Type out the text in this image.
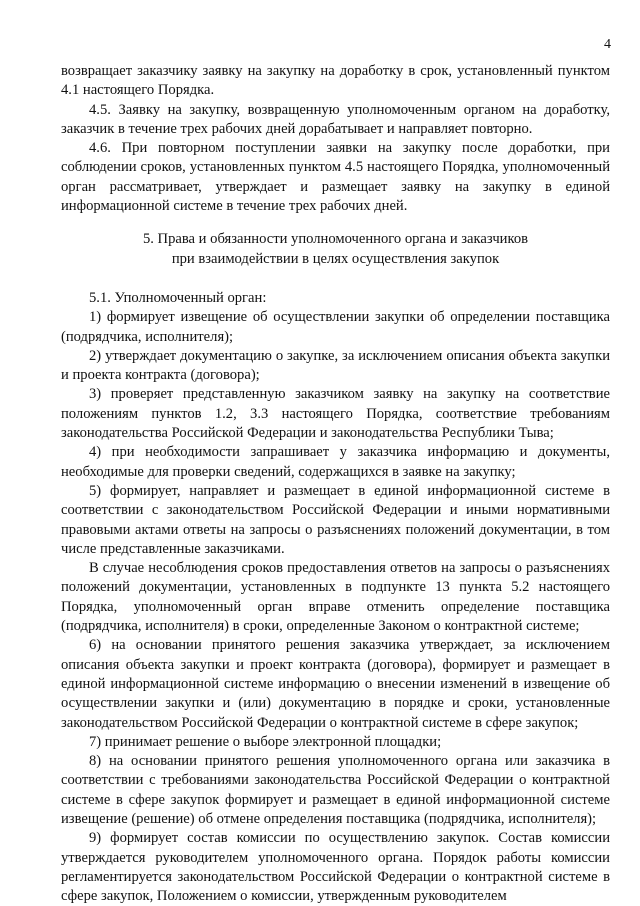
4

возвращает заказчику заявку на закупку на доработку в срок, установленный пунктом 4.1 настоящего Порядка.

4.5. Заявку на закупку, возвращенную уполномоченным органом на доработку, заказчик в течение трех рабочих дней дорабатывает и направляет повторно.

4.6. При повторном поступлении заявки на закупку после доработки, при соблюдении сроков, установленных пунктом 4.5 настоящего Порядка, уполномоченный орган рассматривает, утверждает и размещает заявку на закупку в единой информационной системе в течение трех рабочих дней.

5. Права и обязанности уполномоченного органа и заказчиков
при взаимодействии в целях осуществления закупок

5.1. Уполномоченный орган:

1) формирует извещение об осуществлении закупки об определении поставщика (подрядчика, исполнителя);

2) утверждает документацию о закупке, за исключением описания объекта закупки и проекта контракта (договора);

3) проверяет представленную заказчиком заявку на закупку на соответствие положениям пунктов 1.2, 3.3 настоящего Порядка, соответствие требованиям законодательства Российской Федерации и законодательства Республики Тыва;

4) при необходимости запрашивает у заказчика информацию и документы, необходимые для проверки сведений, содержащихся в заявке на закупку;

5) формирует, направляет и размещает в единой информационной системе в соответствии с законодательством Российской Федерации и иными нормативными правовыми актами ответы на запросы о разъяснениях положений документации, в том числе представленные заказчиками.

В случае несоблюдения сроков предоставления ответов на запросы о разъяснениях положений документации, установленных в подпункте 13 пункта 5.2 настоящего Порядка, уполномоченный орган вправе отменить определение поставщика (подрядчика, исполнителя) в сроки, определенные Законом о контрактной системе;

6) на основании принятого решения заказчика утверждает, за исключением описания объекта закупки и проект контракта (договора), формирует и размещает в единой информационной системе информацию о внесении изменений в извещение об осуществлении закупки и (или) документацию в порядке и сроки, установленные законодательством Российской Федерации о контрактной системе в сфере закупок;

7) принимает решение о выборе электронной площадки;

8) на основании принятого решения уполномоченного органа или заказчика в соответствии с требованиями законодательства Российской Федерации о контрактной системе в сфере закупок формирует и размещает в единой информационной системе извещение (решение) об отмене определения поставщика (подрядчика, исполнителя);

9) формирует состав комиссии по осуществлению закупок. Состав комиссии утверждается руководителем уполномоченного органа. Порядок работы комиссии регламентируется законодательством Российской Федерации о контрактной системе в сфере закупок, Положением о комиссии, утвержденным руководителем
